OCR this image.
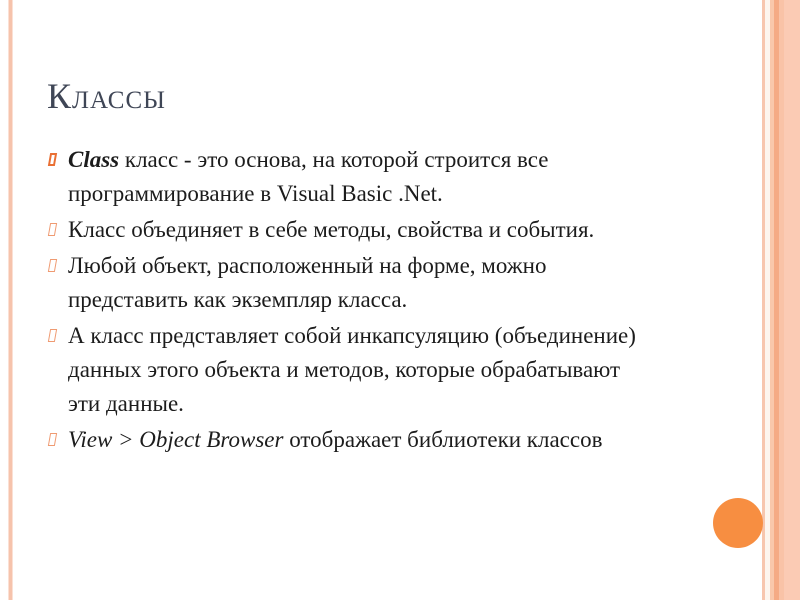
Классы
Class класс - это основа, на которой строится все программирование в Visual Basic .Net.
Класс объединяет в себе методы, свойства и события.
Любой объект, расположенный на форме, можно представить как экземпляр класса.
А класс представляет собой инкапсуляцию (объединение) данных этого объекта и методов, которые обрабатывают эти данные.
View > Object Browser отображает библиотеки классов
